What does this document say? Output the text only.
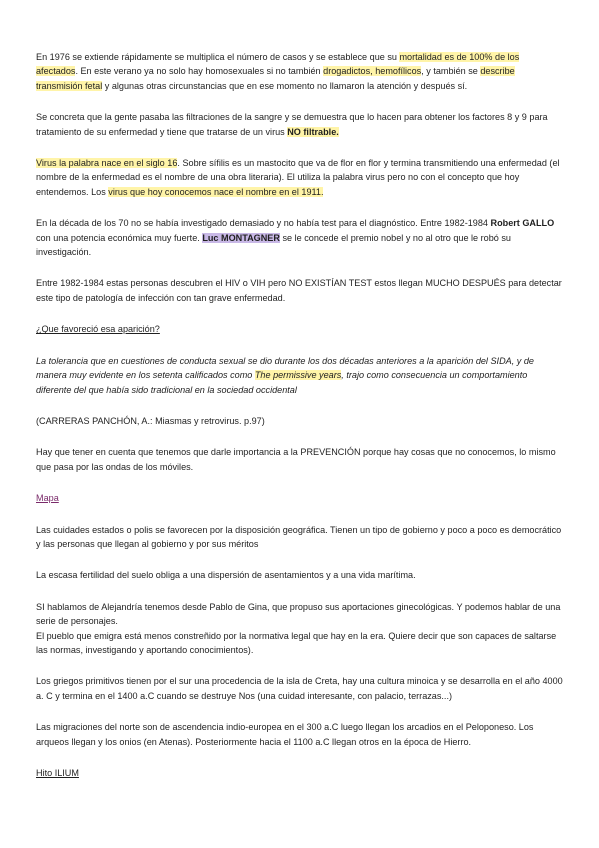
En 1976 se extiende rápidamente se multiplica el número de casos y se establece que su mortalidad es de 100% de los afectados. En este verano ya no solo hay homosexuales si no también drogadictos, hemofílicos, y también se describe transmisión fetal y algunas otras circunstancias que en ese momento no llamaron la atención y después sí.

Se concreta que la gente pasaba las filtraciones de la sangre y se demuestra que lo hacen para obtener los factores 8 y 9 para tratamiento de su enfermedad y tiene que tratarse de un virus NO filtrable.

Virus la palabra nace en el siglo 16. Sobre sífilis es un mastocito que va de flor en flor y termina transmitiendo una enfermedad (el nombre de la enfermedad es el nombre de una obra literaria). El utiliza la palabra virus pero no con el concepto que hoy entendemos. Los virus que hoy conocemos nace el nombre en el 1911.

En la década de los 70 no se había investigado demasiado y no había test para el diagnóstico. Entre 1982-1984 Robert GALLO con una potencia económica muy fuerte. Luc MONTAGNER se le concede el premio nobel y no al otro que le robó su investigación.

Entre 1982-1984 estas personas descubren el HIV o VIH pero NO EXISTÍAN TEST estos llegan MUCHO DESPUÉS para detectar este tipo de patología de infección con tan grave enfermedad.

¿Que favoreció esa aparición?

La tolerancia que en cuestiones de conducta sexual se dio durante los dos décadas anteriores a la aparición del SIDA, y de manera muy evidente en los setenta calificados como The permissive years, trajo como consecuencia un comportamiento diferente del que había sido tradicional en la sociedad occidental

(CARRERAS PANCHÓN, A.: Miasmas y retrovirus. p.97)

Hay que tener en cuenta que tenemos que darle importancia a la PREVENCIÓN porque hay cosas que no conocemos, lo mismo que pasa por las ondas de los móviles.

Mapa

Las cuidades estados o polis se favorecen por la disposición geográfica. Tienen un tipo de gobierno y poco a poco es democrático y las personas que llegan al gobierno y por sus méritos

La escasa fertilidad del suelo obliga a una dispersión de asentamientos y a una vida marítima.

SI hablamos de Alejandría tenemos desde Pablo de Gina, que propuso sus aportaciones ginecológicas. Y podemos hablar de una serie de personajes.

El pueblo que emigra está menos constreñido por la normativa legal que hay en la era. Quiere decir que son capaces de saltarse las normas, investigando y aportando conocimientos).

Los griegos primitivos tienen por el sur una procedencia de la isla de Creta, hay una cultura minoica y se desarrolla en el año 4000 a. C y termina en el 1400 a.C cuando se destruye Nos (una cuidad interesante, con palacio, terrazas...)

Las migraciones del norte son de ascendencia indio-europea en el 300 a.C luego llegan los arcadios en el Peloponeso. Los arqueos llegan y los onios (en Atenas). Posteriormente hacia el 1100 a.C llegan otros en la época de Hierro.

Hito ILIUM
